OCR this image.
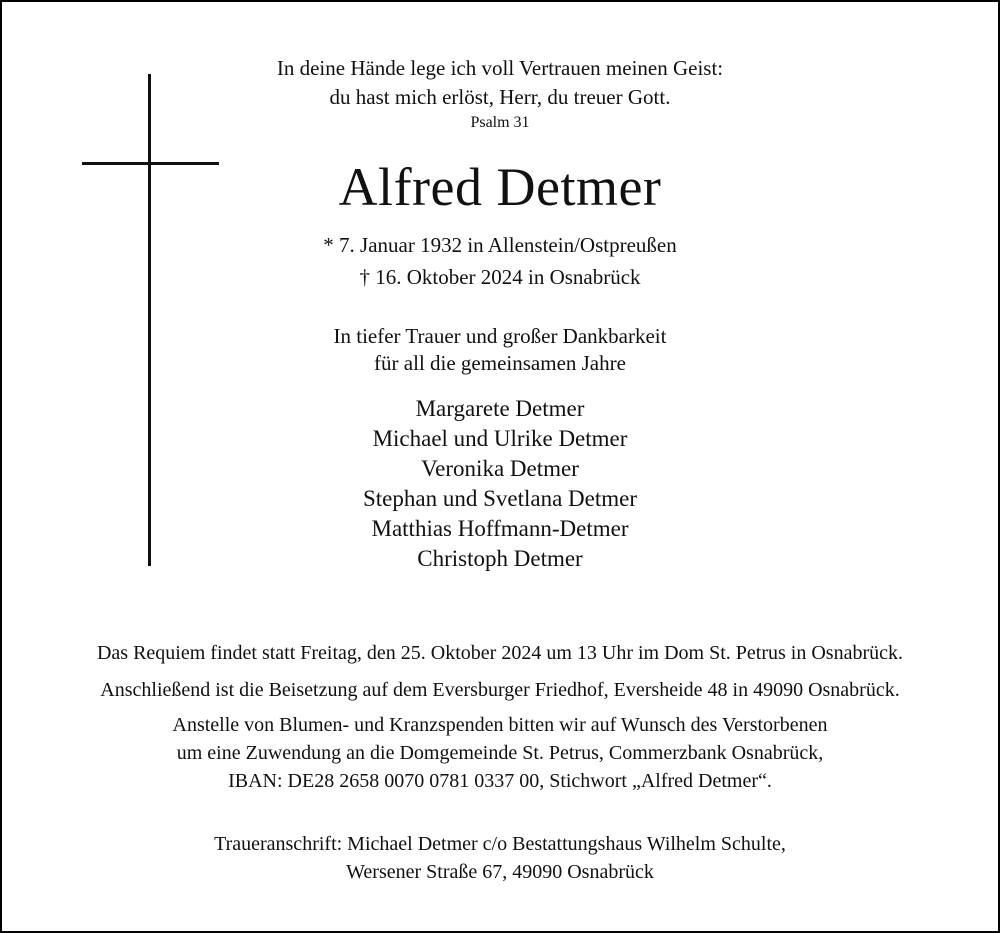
In deine Hände lege ich voll Vertrauen meinen Geist:
du hast mich erlöst, Herr, du treuer Gott.
Psalm 31
Alfred Detmer
* 7. Januar 1932 in Allenstein/Ostpreußen
† 16. Oktober 2024 in Osnabrück
In tiefer Trauer und großer Dankbarkeit
für all die gemeinsamen Jahre
Margarete Detmer
Michael und Ulrike Detmer
Veronika Detmer
Stephan und Svetlana Detmer
Matthias Hoffmann-Detmer
Christoph Detmer
Das Requiem findet statt Freitag, den 25. Oktober 2024 um 13 Uhr im Dom St. Petrus in Osnabrück.
Anschließend ist die Beisetzung auf dem Eversburger Friedhof, Eversheide 48 in 49090 Osnabrück.
Anstelle von Blumen- und Kranzspenden bitten wir auf Wunsch des Verstorbenen
um eine Zuwendung an die Domgemeinde St. Petrus, Commerzbank Osnabrück,
IBAN: DE28 2658 0070 0781 0337 00, Stichwort „Alfred Detmer“.
Traueranschrift: Michael Detmer c/o Bestattungshaus Wilhelm Schulte,
Wersener Straße 67, 49090 Osnabrück
